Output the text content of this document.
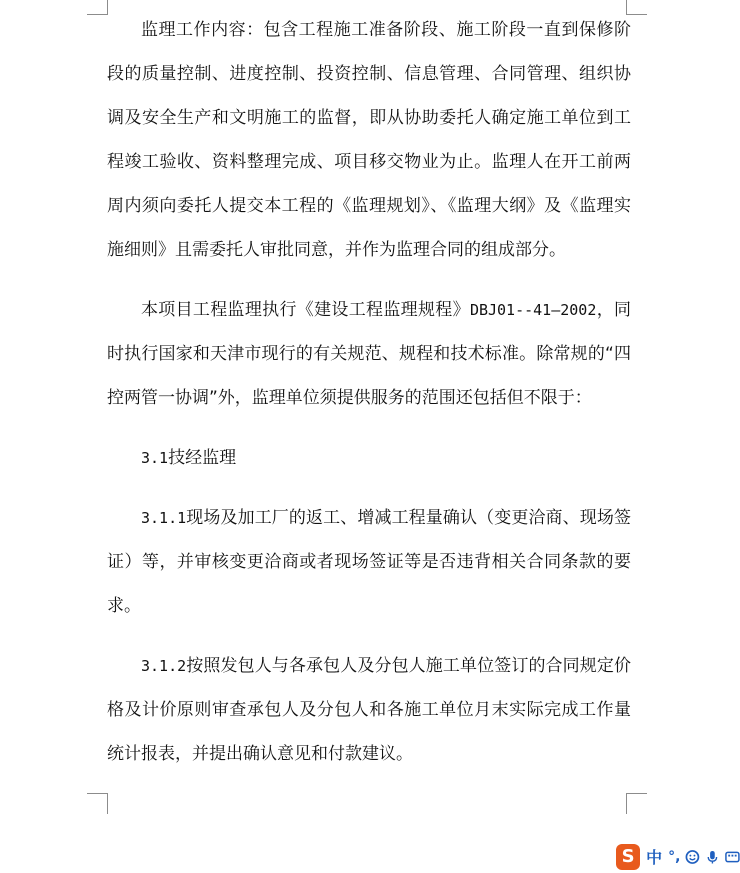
监理工作内容：包含工程施工准备阶段、施工阶段一直到保修阶段的质量控制、进度控制、投资控制、信息管理、合同管理、组织协调及安全生产和文明施工的监督，即从协助委托人确定施工单位到工程竣工验收、资料整理完成、项目移交物业为止。监理人在开工前两周内须向委托人提交本工程的《监理规划》、《监理大纲》及《监理实施细则》且需委托人审批同意，并作为监理合同的组成部分。

本项目工程监理执行《建设工程监理规程》DBJ01--41—2002，同时执行国家和天津市现行的有关规范、规程和技术标准。除常规的“四控两管一协调”外，监理单位须提供服务的范围还包括但不限于：

3.1技经监理

3.1.1现场及加工厂的返工、增减工程量确认（变更洽商、现场签证）等，并审核变更洽商或者现场签证等是否违背相关合同条款的要求。

3.1.2按照发包人与各承包人及分包人施工单位签订的合同规定价格及计价原则审查承包人及分包人和各施工单位月末实际完成工作量统计报表，并提出确认意见和付款建议。

S 中 °,
